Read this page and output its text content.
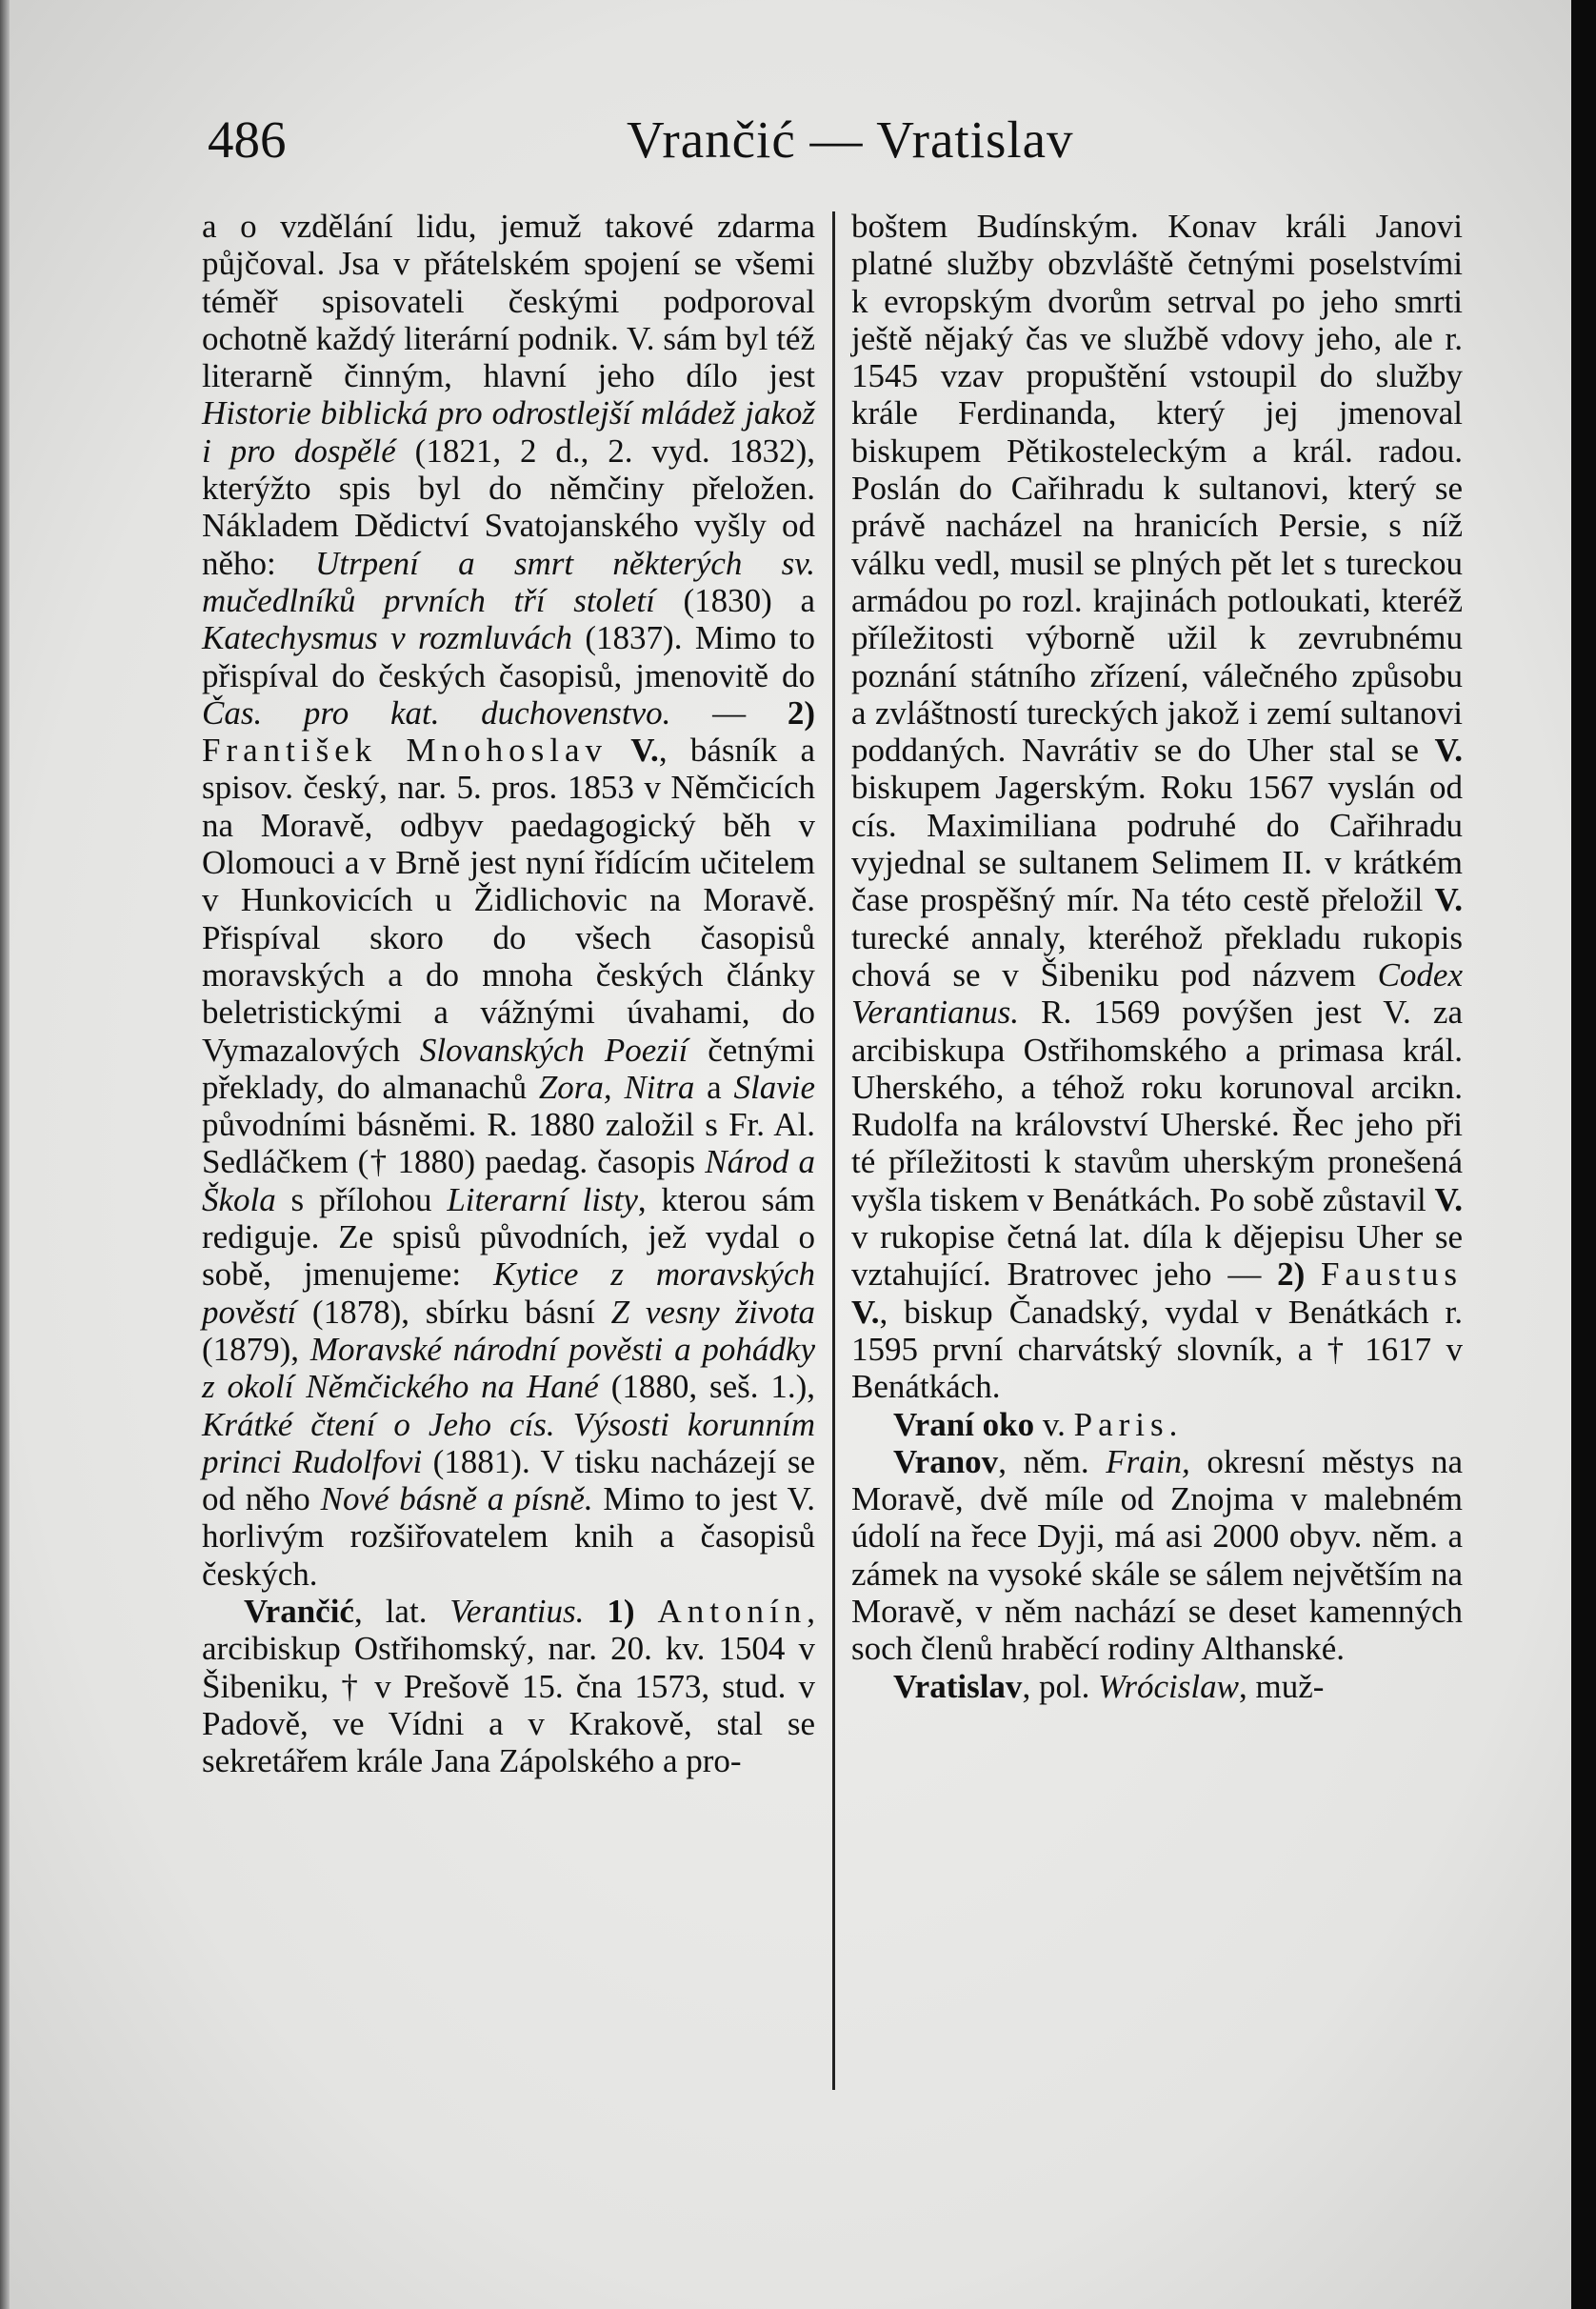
486	Vrančić — Vratislav

a o vzdělání lidu, jemuž takové zdarma půjčoval. Jsa v přátelském spojení se všemi téměř spisovateli českými podporoval ochotně každý literární podnik. V. sám byl též literarně činným, hlavní jeho dílo jest Historie biblická pro odrostlejší mládež jakož i pro dospělé (1821, 2 d., 2. vyd. 1832), kterýžto spis byl do němčiny přeložen. Nákladem Dědictví Svatojanského vyšly od něho: Utrpení a smrt některých sv. mučedlníků prvních tří století (1830) a Katechysmus v rozmluvách (1837). Mimo to přispíval do českých časopisů, jmenovitě do Čas. pro kat. duchovenstvo. — 2) František Mnohoslav V., básník a spisov. český, nar. 5. pros. 1853 v Němčicích na Moravě, odbyv paedagogický běh v Olomouci a v Brně jest nyní řídícím učitelem v Hunkovicích u Židlichovic na Moravě. Přispíval skoro do všech časopisů moravských a do mnoha českých články beletristickými a vážnými úvahami, do Vymazalových Slovanských Poezií četnými překlady, do almanachů Zora, Nitra a Slavie původními básněmi. R. 1880 založil s Fr. Al. Sedláčkem († 1880) paedag. časopis Národ a Škola s přílohou Literarní listy, kterou sám rediguje. Ze spisů původních, jež vydal o sobě, jmenujeme: Kytice z moravských pověstí (1878), sbírku básní Z vesny života (1879), Moravské národní pověsti a pohádky z okolí Němčického na Hané (1880, seš. 1.), Krátké čtení o Jeho cís. Výsosti korunním princi Rudolfovi (1881). V tisku nacházejí se od něho Nové básně a písně. Mimo to jest V. horlivým rozšiřovatelem knih a časopisů českých.

Vrančić, lat. Verantius. 1) Antonín, arcibiskup Ostřihomský, nar. 20. kv. 1504 v Šibeniku, † v Prešově 15. čna 1573, stud. v Padově, ve Vídni a v Krakově, stal se sekretářem krále Jana Zápolského a pro-

boštem Budínským. Konav králi Janovi platné služby obzvláště četnými poselstvími k evropským dvorům setrval po jeho smrti ještě nějaký čas ve službě vdovy jeho, ale r. 1545 vzav propuštění vstoupil do služby krále Ferdinanda, který jej jmenoval biskupem Pětikosteleckým a král. radou. Poslán do Cařihradu k sultanovi, který se právě nacházel na hranicích Persie, s níž válku vedl, musil se plných pět let s tureckou armádou po rozl. krajinách potloukati, kteréž příležitosti výborně užil k zevrubnému poznání státního zřízení, válečného způsobu a zvláštností tureckých jakož i zemí sultanovi poddaných. Navrátiv se do Uher stal se V. biskupem Jagerským. Roku 1567 vyslán od cís. Maximiliana podruhé do Cařihradu vyjednal se sultanem Selimem II. v krátkém čase prospěšný mír. Na této cestě přeložil V. turecké annaly, kteréhož překladu rukopis chová se v Šibeniku pod názvem Codex Verantianus. R. 1569 povýšen jest V. za arcibiskupa Ostřihomského a primasa král. Uherského, a téhož roku korunoval arcikn. Rudolfa na království Uherské. Řec jeho při té příležitosti k stavům uherským pronešená vyšla tiskem v Benátkách. Po sobě zůstavil V. v rukopise četná lat. díla k dějepisu Uher se vztahující. Bratrovec jeho — 2) Faustus V., biskup Čanadský, vydal v Benátkách r. 1595 první charvátský slovník, a † 1617 v Benátkách.

Vraní oko v. Paris.

Vranov, něm. Frain, okresní městys na Moravě, dvě míle od Znojma v malebném údolí na řece Dyji, má asi 2000 obyv. něm. a zámek na vysoké skále se sálem největším na Moravě, v něm nachází se deset kamenných soch členů hraběcí rodiny Althanské.

Vratislav, pol. Wrócislaw, muž-
